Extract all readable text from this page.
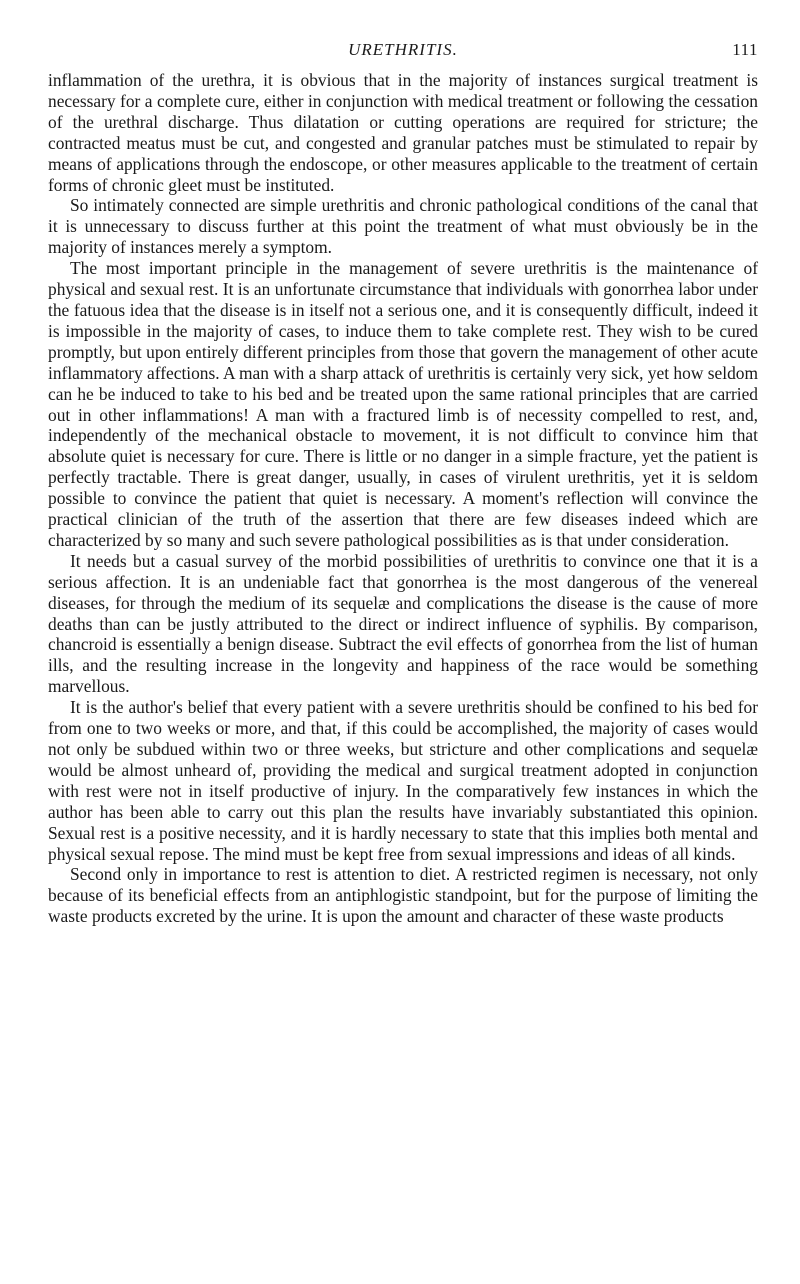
URETHRITIS.	111

inflammation of the urethra, it is obvious that in the majority of instances surgical treatment is necessary for a complete cure, either in conjunction with medical treatment or following the cessation of the urethral discharge. Thus dilatation or cutting operations are required for stricture; the contracted meatus must be cut, and congested and granular patches must be stimulated to repair by means of applications through the endoscope, or other measures applicable to the treatment of certain forms of chronic gleet must be instituted.

So intimately connected are simple urethritis and chronic pathological conditions of the canal that it is unnecessary to discuss further at this point the treatment of what must obviously be in the majority of instances merely a symptom.

The most important principle in the management of severe urethritis is the maintenance of physical and sexual rest. It is an unfortunate circumstance that individuals with gonorrhea labor under the fatuous idea that the disease is in itself not a serious one, and it is consequently difficult, indeed it is impossible in the majority of cases, to induce them to take complete rest. They wish to be cured promptly, but upon entirely different principles from those that govern the management of other acute inflammatory affections. A man with a sharp attack of urethritis is certainly very sick, yet how seldom can he be induced to take to his bed and be treated upon the same rational principles that are carried out in other inflammations! A man with a fractured limb is of necessity compelled to rest, and, independently of the mechanical obstacle to movement, it is not difficult to convince him that absolute quiet is necessary for cure. There is little or no danger in a simple fracture, yet the patient is perfectly tractable. There is great danger, usually, in cases of virulent urethritis, yet it is seldom possible to convince the patient that quiet is necessary. A moment's reflection will convince the practical clinician of the truth of the assertion that there are few diseases indeed which are characterized by so many and such severe pathological possibilities as is that under consideration.

It needs but a casual survey of the morbid possibilities of urethritis to convince one that it is a serious affection. It is an undeniable fact that gonorrhea is the most dangerous of the venereal diseases, for through the medium of its sequelæ and complications the disease is the cause of more deaths than can be justly attributed to the direct or indirect influence of syphilis. By comparison, chancroid is essentially a benign disease. Subtract the evil effects of gonorrhea from the list of human ills, and the resulting increase in the longevity and happiness of the race would be something marvellous.

It is the author's belief that every patient with a severe urethritis should be confined to his bed for from one to two weeks or more, and that, if this could be accomplished, the majority of cases would not only be subdued within two or three weeks, but stricture and other complications and sequelæ would be almost unheard of, providing the medical and surgical treatment adopted in conjunction with rest were not in itself productive of injury. In the comparatively few instances in which the author has been able to carry out this plan the results have invariably substantiated this opinion. Sexual rest is a positive necessity, and it is hardly necessary to state that this implies both mental and physical sexual repose. The mind must be kept free from sexual impressions and ideas of all kinds.

Second only in importance to rest is attention to diet. A restricted regimen is necessary, not only because of its beneficial effects from an antiphlogistic standpoint, but for the purpose of limiting the waste products excreted by the urine. It is upon the amount and character of these waste products
